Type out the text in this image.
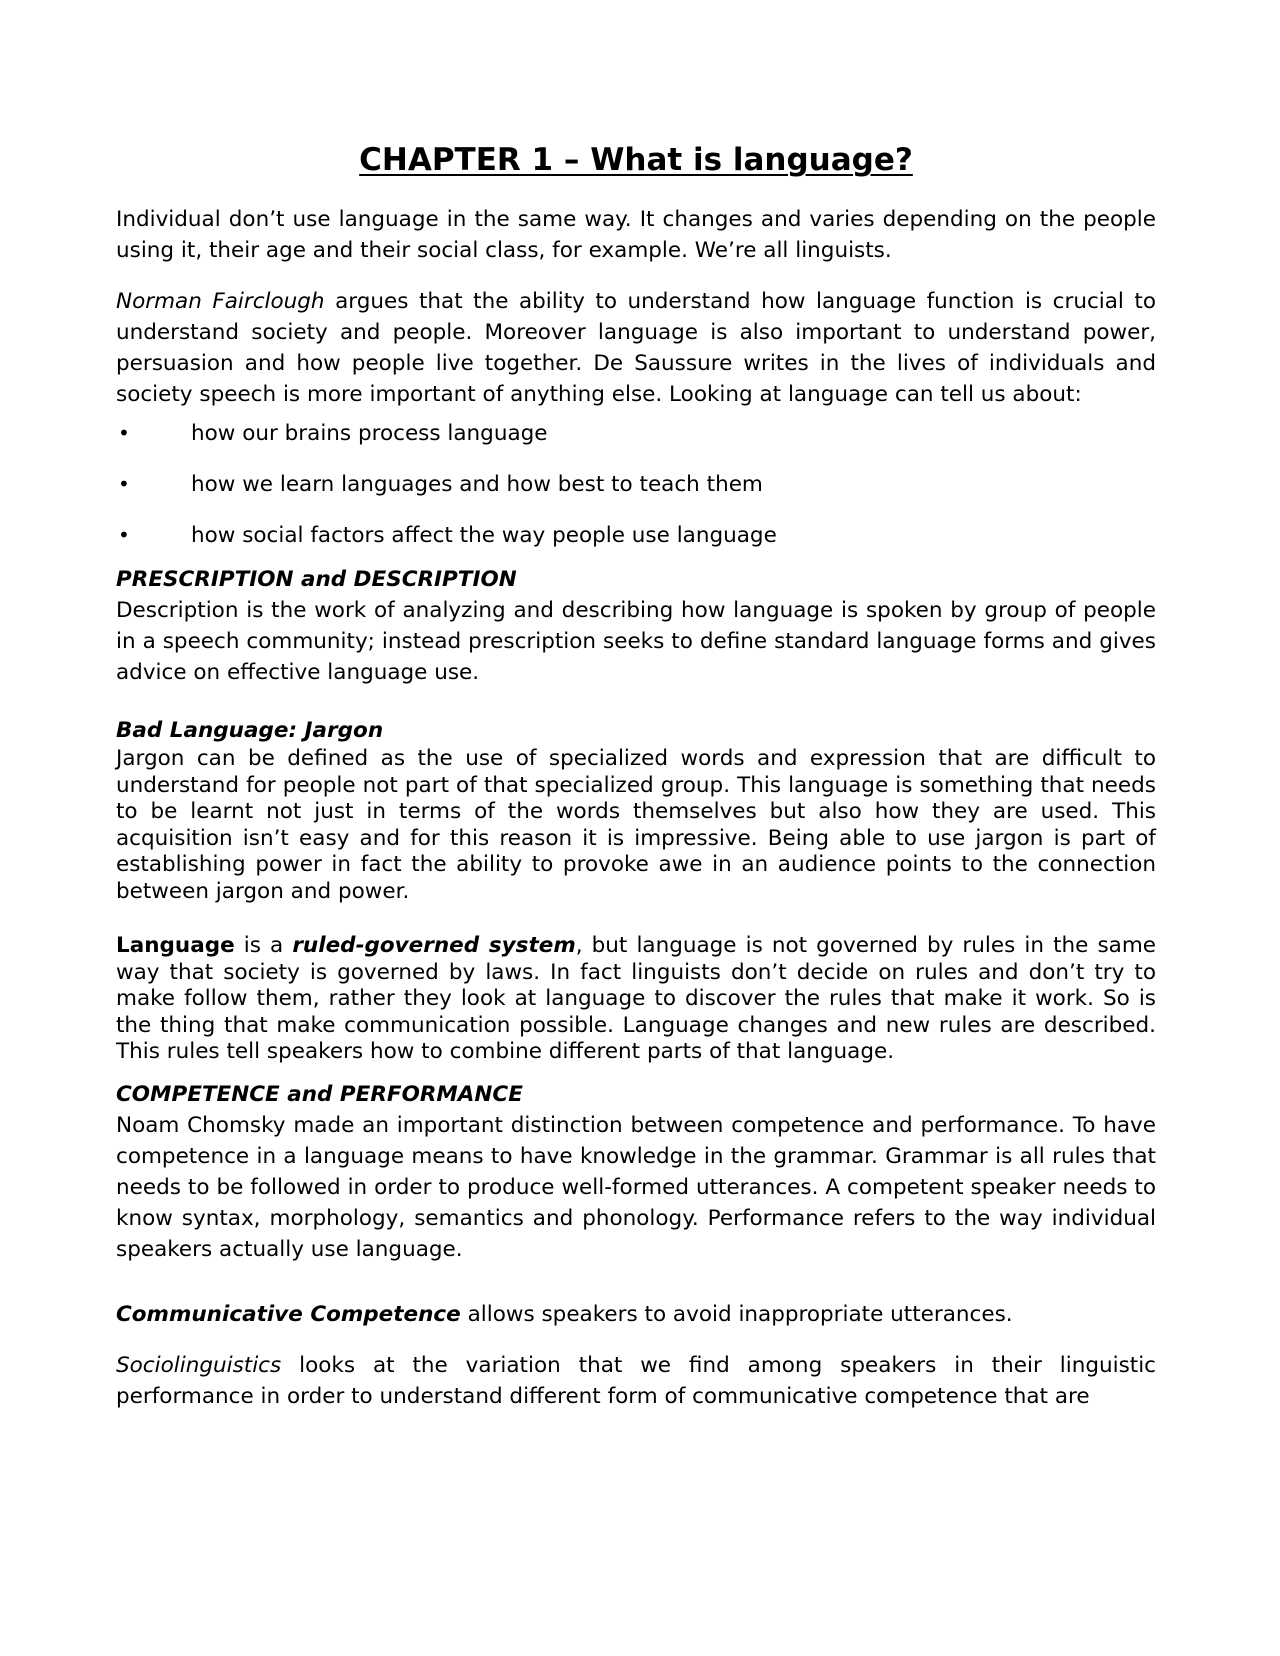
CHAPTER 1 – What is language?

Individual don’t use language in the same way. It changes and varies depending on the people using it, their age and their social class, for example. We’re all linguists.

Norman Fairclough argues that the ability to understand how language function is crucial to understand society and people. Moreover language is also important to understand power, persuasion and how people live together. De Saussure writes in the lives of individuals and society speech is more important of anything else. Looking at language can tell us about:

•	how our brains process language
•	how we learn languages and how best to teach them
•	how social factors affect the way people use language
PRESCRIPTION and DESCRIPTION

Description is the work of analyzing and describing how language is spoken by group of people in a speech community; instead prescription seeks to define standard language forms and gives advice on effective language use.

Bad Language: Jargon

Jargon can be defined as the use of specialized words and expression that are difficult to understand for people not part of that specialized group. This language is something that needs to be learnt not just in terms of the words themselves but also how they are used. This acquisition isn’t easy and for this reason it is impressive. Being able to use jargon is part of establishing power in fact the ability to provoke awe in an audience points to the connection between jargon and power.

Language is a ruled-governed system, but language is not governed by rules in the same way that society is governed by laws. In fact linguists don’t decide on rules and don’t try to make follow them, rather they look at language to discover the rules that make it work. So is the thing that make communication possible. Language changes and new rules are described. This rules tell speakers how to combine different parts of that language.

COMPETENCE and PERFORMANCE

Noam Chomsky made an important distinction between competence and performance. To have competence in a language means to have knowledge in the grammar. Grammar is all rules that needs to be followed in order to produce well-formed utterances. A competent speaker needs to know syntax, morphology, semantics and phonology. Performance refers to the way individual speakers actually use language.

Communicative Competence allows speakers to avoid inappropriate utterances.

Sociolinguistics looks at the variation that we find among speakers in their linguistic performance in order to understand different form of communicative competence that are
